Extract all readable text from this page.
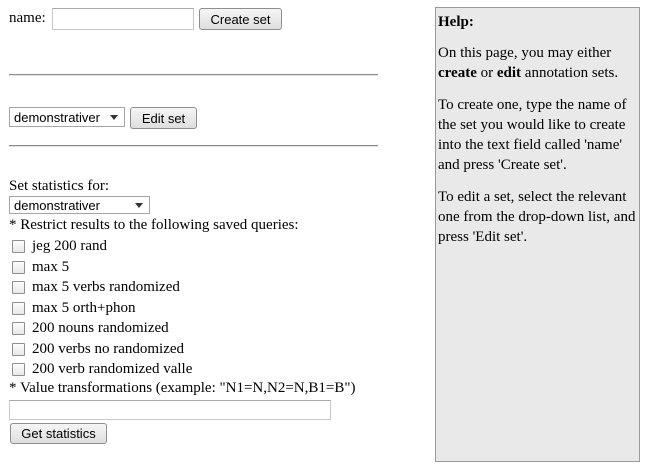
name:	Create set
demonstrativer	Edit set
Set statistics for:
demonstrativer
* Restrict results to the following saved queries:
jeg 200 rand
max 5
max 5 verbs randomized
max 5 orth+phon
200 nouns randomized
200 verbs no randomized
200 verb randomized valle
* Value transformations (example: "N1=N,N2=N,B1=B")
Get statistics

Help:

On this page, you may either create or edit annotation sets.

To create one, type the name of the set you would like to create into the text field called 'name' and press 'Create set'.

To edit a set, select the relevant one from the drop-down list, and press 'Edit set'.
